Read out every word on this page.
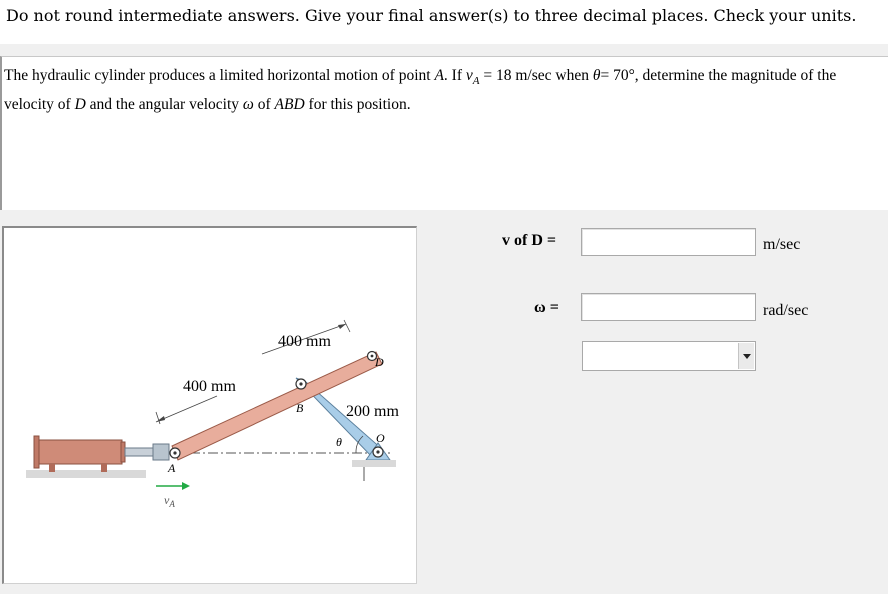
Do not round intermediate answers. Give your final answer(s) to three decimal places. Check your units.
The hydraulic cylinder produces a limited horizontal motion of point A. If $v_A = 18$ m/sec when θ= 70°, determine the magnitude of the velocity of D and the angular velocity ω of ABD for this position.
400 mm
400 mm
200 mm
A
B
D
O
θ
$v_A$
v of D =	m/sec
ω =	rad/sec
